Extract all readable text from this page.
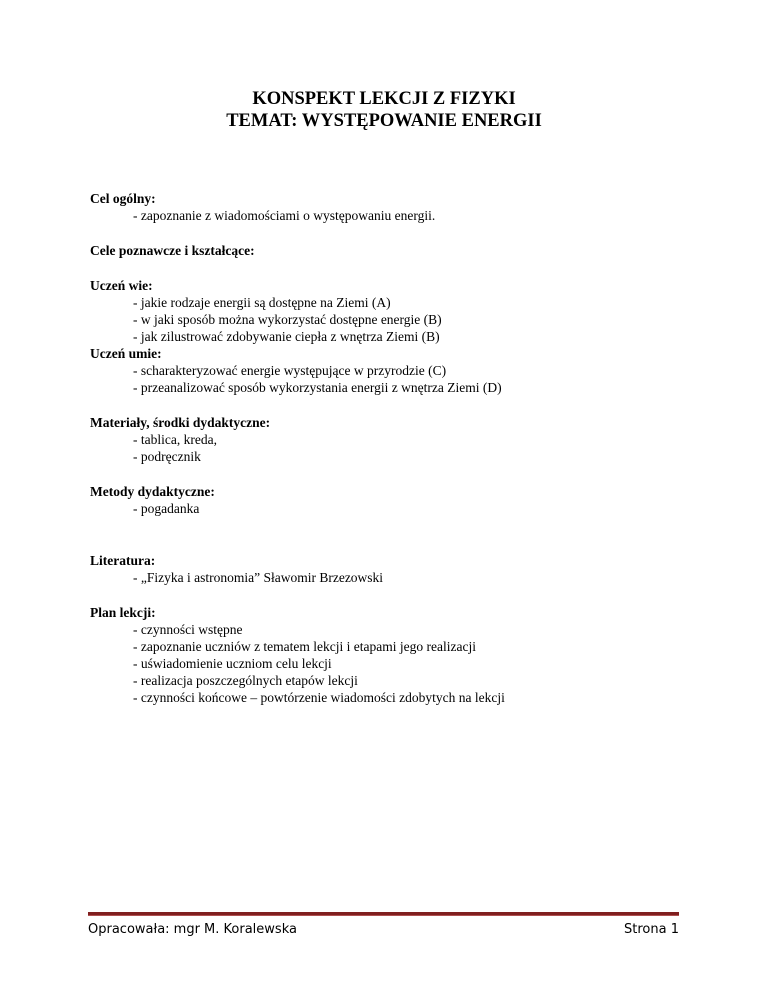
KONSPEKT LEKCJI Z FIZYKI
TEMAT: WYSTĘPOWANIE ENERGII
Cel ogólny:
- zapoznanie z wiadomościami o występowaniu energii.
Cele poznawcze i kształcące:
Uczeń wie:
- jakie rodzaje energii są dostępne na Ziemi (A)
- w jaki sposób można wykorzystać dostępne energie (B)
- jak zilustrować zdobywanie ciepła z wnętrza Ziemi (B)
Uczeń umie:
- scharakteryzować energie występujące w przyrodzie (C)
- przeanalizować sposób wykorzystania energii z wnętrza Ziemi (D)
Materiały, środki dydaktyczne:
- tablica, kreda,
- podręcznik
Metody dydaktyczne:
- pogadanka
Literatura:
- „Fizyka i astronomia” Sławomir Brzezowski
Plan lekcji:
- czynności wstępne
- zapoznanie uczniów z tematem lekcji i etapami jego realizacji
- uświadomienie uczniom celu lekcji
- realizacja poszczególnych etapów lekcji
- czynności końcowe – powtórzenie wiadomości zdobytych na lekcji
Opracowała: mgr M. Koralewska	Strona 1
